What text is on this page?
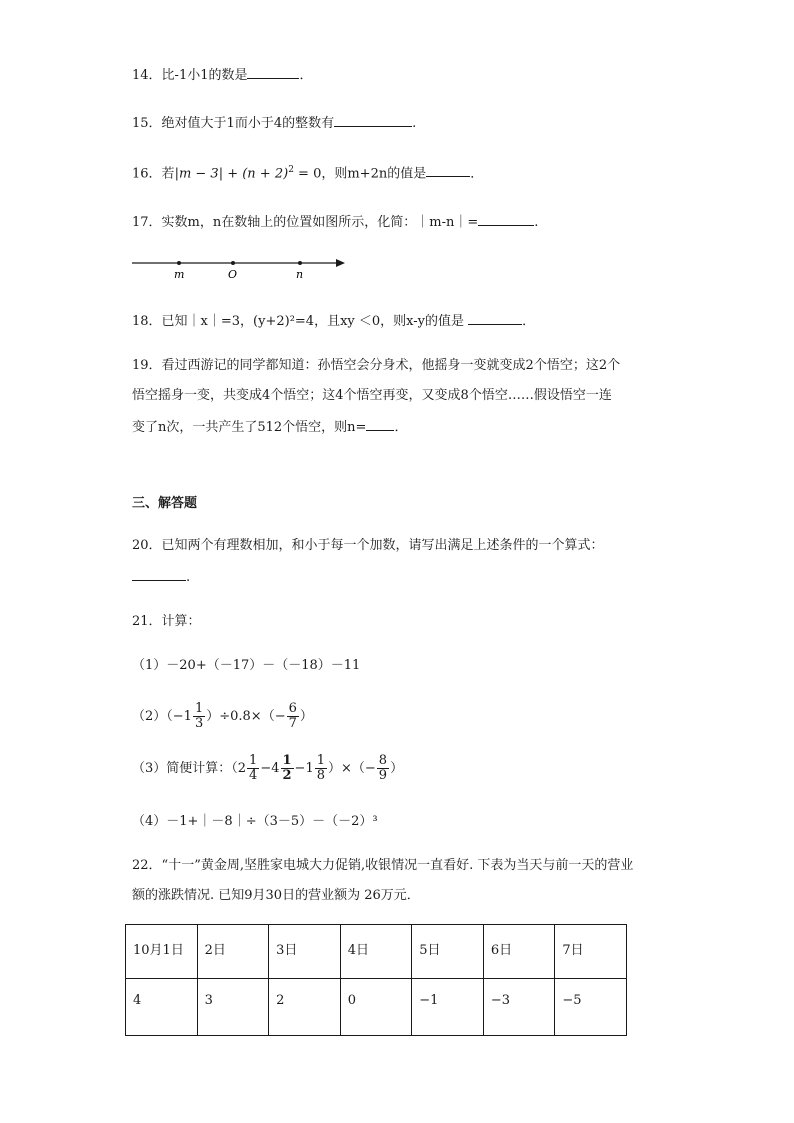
14．比-1小1的数是	．
15．绝对值大于1而小于4的整数有	.
16．若$|m - 3| + (n + 2)^2 = 0$，则m+2n的值是	．
17．实数m，n在数轴上的位置如图所示，化简：｜m-n｜=	.
m	O	n
18．已知｜x｜=3，(y+2)²=4，且xy ＜0，则x-y的值是	．
19．看过西游记的同学都知道：孙悟空会分身术，他摇身一变就变成2个悟空；这2个
悟空摇身一变，共变成4个悟空；这4个悟空再变，又变成8个悟空……假设悟空一连
变了n次，一共产生了512个悟空，则n= ．
三、解答题
20．已知两个有理数相加，和小于每一个加数，请写出满足上述条件的一个算式：
.
21．计算：
（1）－20+（－17）－（－18）－11
$(2)(-1 \frac{1}{3} )\div 0.8\times(- \frac{6}{7}$ ）
（3）简便计算：（$2 \frac{1}{4} -4 \frac{1}{2} -1 \frac{1}{8}$ ）×（− $\frac{8}{9}$ ）
（4）－1+｜－8｜÷（3－5）－（－2）³
22．“十一”黄金周,坚胜家电城大力促销,收银情况一直看好. 下表为当天与前一天的营业
额的涨跌情况. 已知9月30日的营业额为 26万元．
10月1日	2日	3日	4日	5日	6日	7日
4	3	2	0	−1	−3	−5
